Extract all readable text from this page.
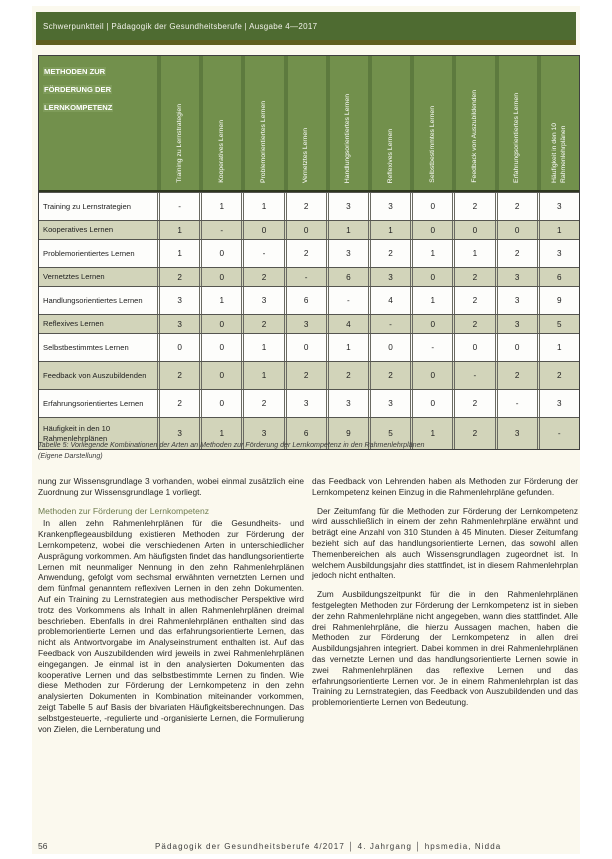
Schwerpunktteil | Pädagogik der Gesundheitsberufe | Ausgabe 4—2017
METHODEN ZUR FÖRDERUNG DER LERNKOMPETENZ	Training zu Lernstrategien	Kooperatives Lernen	Problemorientiertes Lernen	Vernetztes Lernen	Handlungsorientiertes Lernen	Reflexives Lernen	Selbstbestimmtes Lernen	Feedback von Auszubildenden	Erfahrungsorientiertes Lernen	Häufigkeit in den 10 Rahmenlehrplänen
Training zu Lernstrategien	-	1	1	2	3	3	0	2	2	3
Kooperatives Lernen	1	-	0	0	1	1	0	0	0	1
Problemorientiertes Lernen	1	0	-	2	3	2	1	1	2	3
Vernetztes Lernen	2	0	2	-	6	3	0	2	3	6
Handlungsorientiertes Lernen	3	1	3	6	-	4	1	2	3	9
Reflexives Lernen	3	0	2	3	4	-	0	2	3	5
Selbstbestimmtes Lernen	0	0	1	0	1	0	-	0	0	1
Feedback von Auszubildenden	2	0	1	2	2	2	0	-	2	2
Erfahrungsorientiertes Lernen	2	0	2	3	3	3	0	2	-	3
Häufigkeit in den 10 Rahmenlehrplänen	3	1	3	6	9	5	1	2	3	-
Tabelle 5: Vorliegende Kombinationen der Arten an Methoden zur Förderung der Lernkompetenz in den Rahmenlehrplänen (Eigene Darstellung)

nung zur Wissensgrundlage 3 vorhanden, wobei einmal zusätzlich eine Zuordnung zur Wissensgrundlage 1 vorliegt.

Methoden zur Förderung der Lernkompetenz

In allen zehn Rahmenlehrplänen für die Gesundheits- und Krankenpflegeausbildung existieren Methoden zur Förderung der Lernkompetenz, wobei die verschiedenen Arten in unterschiedlicher Ausprägung vorkommen. Am häufigsten findet das handlungsorientierte Lernen mit neunmaliger Nennung in den zehn Rahmenlehrplänen Anwendung, gefolgt vom sechsmal erwähnten vernetzten Lernen und dem fünfmal genanntem reflexiven Lernen in den zehn Dokumenten. Auf ein Training zu Lernstrategien aus methodischer Perspektive wird trotz des Vorkommens als Inhalt in allen Rahmenlehrplänen dreimal beschrieben. Ebenfalls in drei Rahmenlehrplänen enthalten sind das problemorientierte Lernen und das erfahrungsorientierte Lernen, das nicht als Antwortvorgabe im Analyseinstrument enthalten ist. Auf das Feedback von Auszubildenden wird jeweils in zwei Rahmenlehrplänen eingegangen. Je einmal ist in den analysierten Dokumenten das kooperative Lernen und das selbstbestimmte Lernen zu finden. Wie diese Methoden zur Förderung der Lernkompetenz in den zehn analysierten Dokumenten in Kombination miteinander vorkommen, zeigt Tabelle 5 auf Basis der bivariaten Häufigkeitsberechnungen. Das selbstgesteuerte, -regulierte und -organisierte Lernen, die Formulierung von Zielen, die Lernberatung und

das Feedback von Lehrenden haben als Methoden zur Förderung der Lernkompetenz keinen Einzug in die Rahmenlehrpläne gefunden.

Der Zeitumfang für die Methoden zur Förderung der Lernkompetenz wird ausschließlich in einem der zehn Rahmenlehrpläne erwähnt und beträgt eine Anzahl von 310 Stunden à 45 Minuten. Dieser Zeitumfang bezieht sich auf das handlungsorientierte Lernen, das sowohl allen Themenbereichen als auch Wissensgrundlagen zugeordnet ist. In welchem Ausbildungsjahr dies stattfindet, ist in diesem Rahmenlehrplan jedoch nicht enthalten.

Zum Ausbildungszeitpunkt für die in den Rahmenlehrplänen festgelegten Methoden zur Förderung der Lernkompetenz ist in sieben der zehn Rahmenlehrpläne nicht angegeben, wann dies stattfindet. Alle drei Rahmenlehrpläne, die hierzu Aussagen machen, haben die Methoden zur Förderung der Lernkompetenz in allen drei Ausbildungsjahren integriert. Dabei kommen in drei Rahmenlehrplänen das vernetzte Lernen und das handlungsorientierte Lernen sowie in zwei Rahmenlehrplänen das reflexive Lernen und das erfahrungsorientierte Lernen vor. Je in einem Rahmenlehrplan ist das Training zu Lernstrategien, das Feedback von Auszubildenden und das problemorientierte Lernen von Bedeutung.

56	Pädagogik der Gesundheitsberufe 4/2017 │ 4. Jahrgang │ hpsmedia, Nidda
